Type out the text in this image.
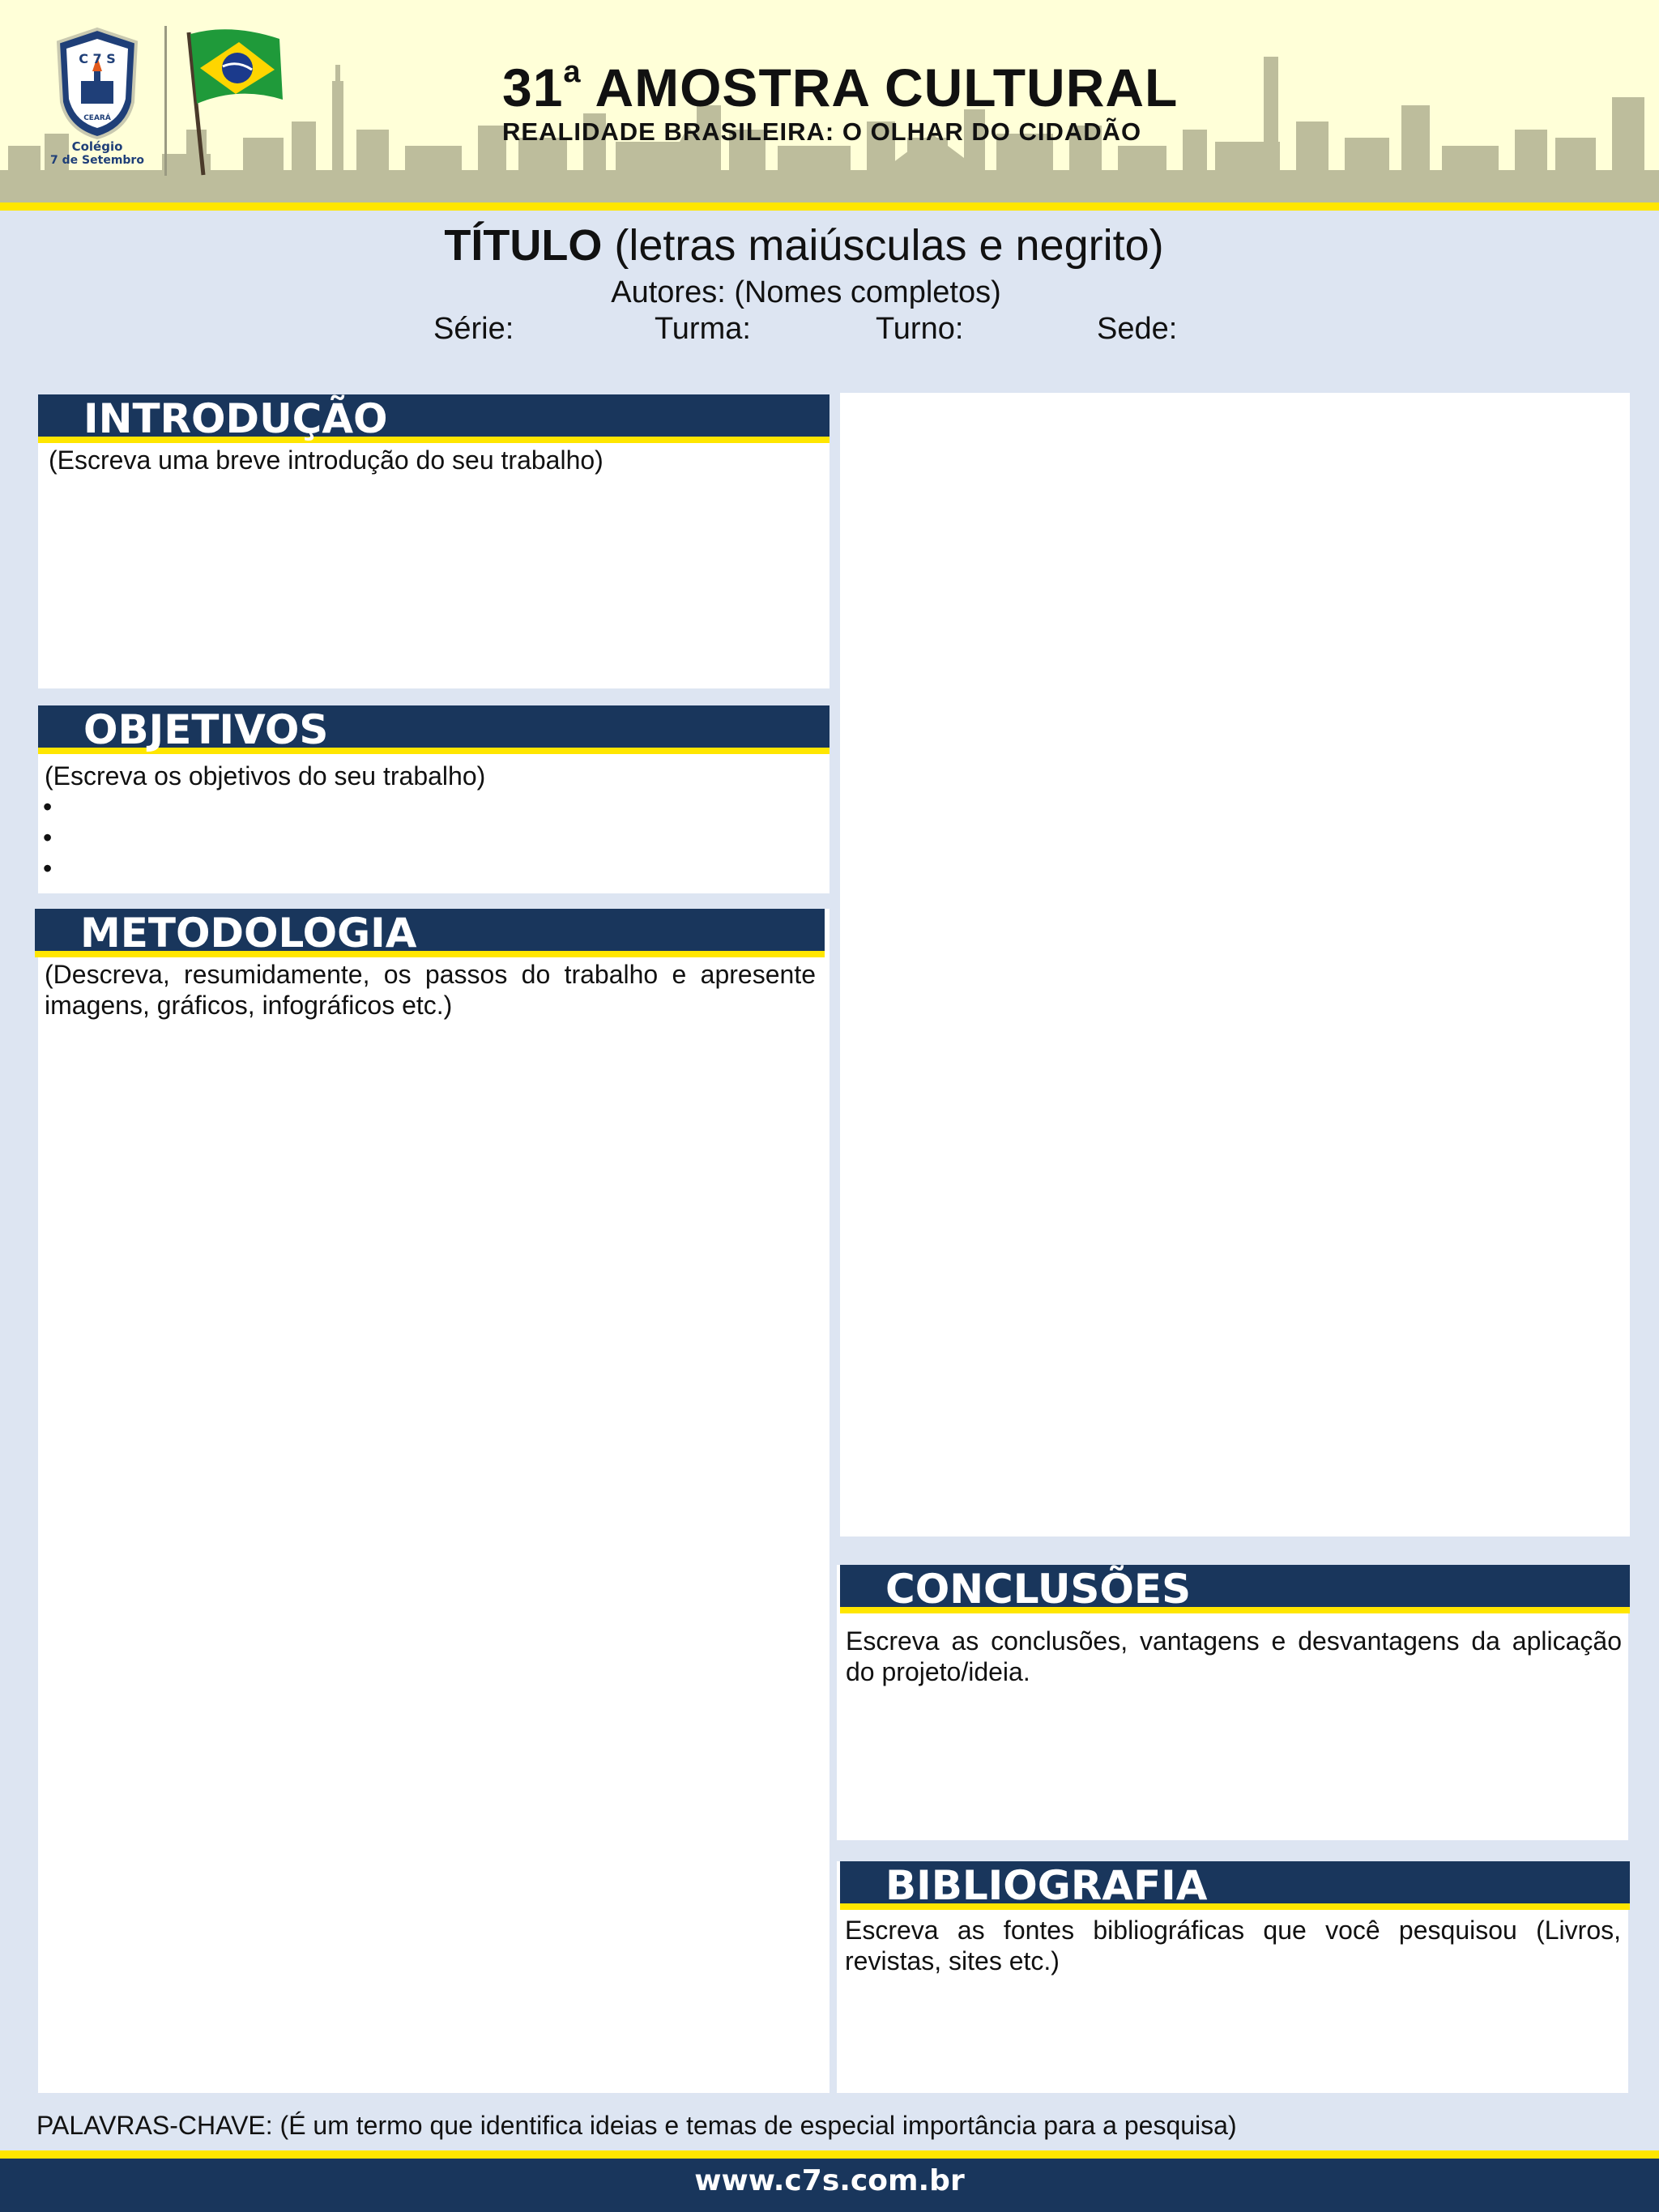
C 7 S
CEARÁ
Colégio
7 de Setembro
31$^a$ AMOSTRA CULTURAL
REALIDADE BRASILEIRA: O OLHAR DO CIDADÃO
TÍTULO (letras maiúsculas e negrito)
Autores: (Nomes completos)
Série:	Turma:	Turno:	Sede:
INTRODUÇÃO
(Escreva uma breve introdução do seu trabalho)
OBJETIVOS
(Escreva os objetivos do seu trabalho)
•
•
•
METODOLOGIA
(Descreva, resumidamente, os passos do trabalho e apresente imagens, gráficos, infográficos etc.)
CONCLUSÕES
Escreva as conclusões, vantagens e desvantagens da aplicação do projeto/ideia.
BIBLIOGRAFIA
Escreva as fontes bibliográficas que você pesquisou (Livros, revistas, sites etc.)
PALAVRAS-CHAVE: (É um termo que identifica ideias e temas de especial importância para a pesquisa)
www.c7s.com.br
